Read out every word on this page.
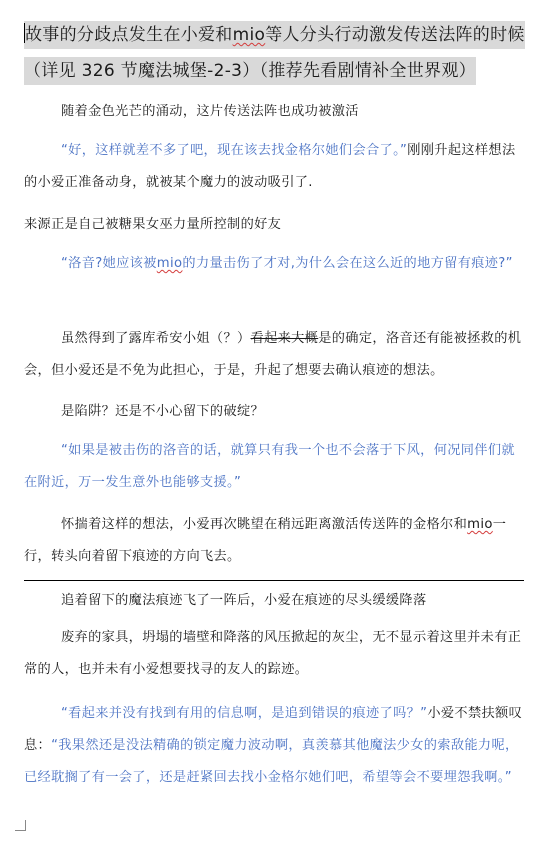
故事的分歧点发生在小爱和mio等人分头行动激发传送法阵的时候（详见 326 节魔法城堡-2-3）（推荐先看剧情补全世界观）
随着金色光芒的涌动，这片传送法阵也成功被激活
“好，这样就差不多了吧，现在该去找金格尔她们会合了。”刚刚升起这样想法的小爱正准备动身，就被某个魔力的波动吸引了.
来源正是自己被糖果女巫力量所控制的好友
“洛音?她应该被mio的力量击伤了才对,为什么会在这么近的地方留有痕迹?”
虽然得到了露库希安小姐（？）看起来大概是的确定，洛音还有能被拯救的机会，但小爱还是不免为此担心，于是，升起了想要去确认痕迹的想法。
是陷阱？还是不小心留下的破绽？
“如果是被击伤的洛音的话，就算只有我一个也不会落于下风，何况同伴们就在附近，万一发生意外也能够支援。”
怀揣着这样的想法，小爱再次眺望在稍远距离激活传送阵的金格尔和mio一行，转头向着留下痕迹的方向飞去。
追着留下的魔法痕迹飞了一阵后，小爱在痕迹的尽头缓缓降落
废弃的家具，坍塌的墙壁和降落的风压掀起的灰尘，无不显示着这里并未有正常的人，也并未有小爱想要找寻的友人的踪迹。
“看起来并没有找到有用的信息啊，是追到错误的痕迹了吗？”小爱不禁扶额叹息：“我果然还是没法精确的锁定魔力波动啊，真羡慕其他魔法少女的索敌能力呢，已经耽搁了有一会了，还是赶紧回去找小金格尔她们吧，希望等会不要埋怨我啊。”
